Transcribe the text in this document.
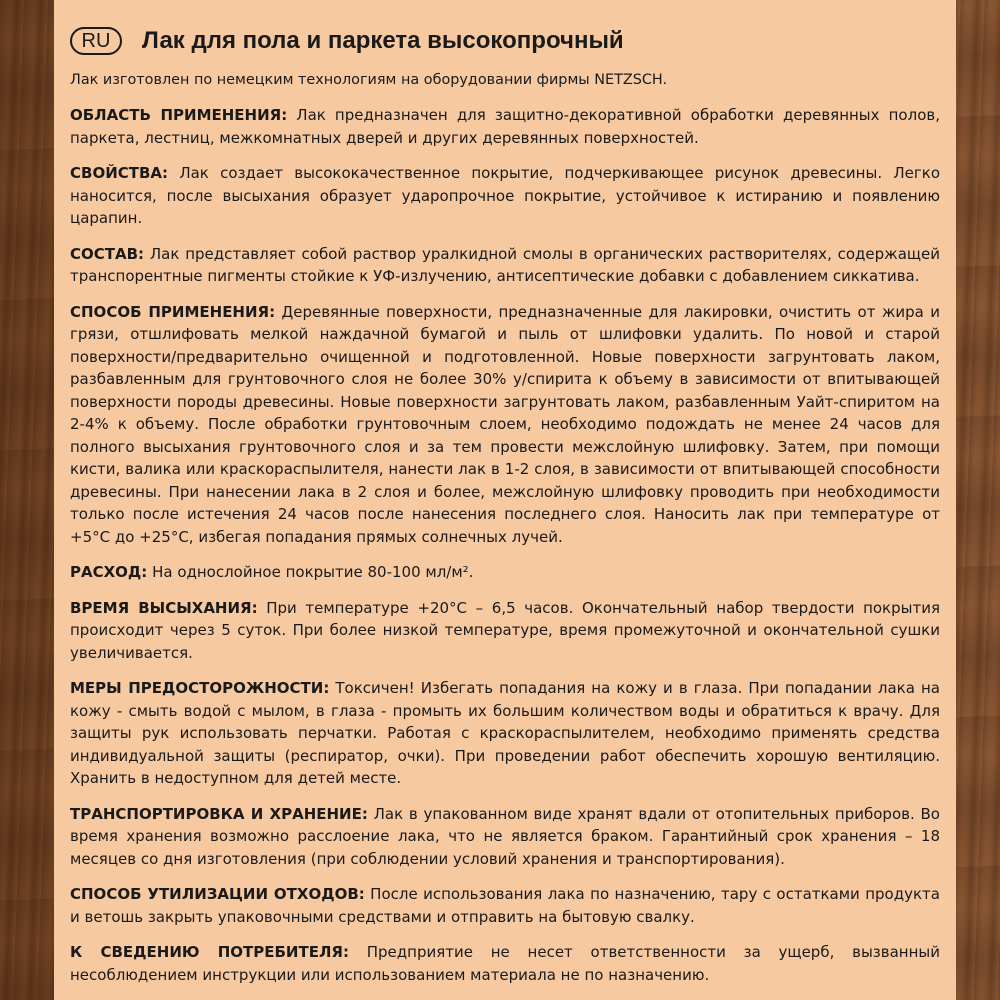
RU	Лак для пола и паркета высокопрочный

Лак изготовлен по немецким технологиям на оборудовании фирмы NETZSCH.

ОБЛАСТЬ ПРИМЕНЕНИЯ: Лак предназначен для защитно-декоративной обработки деревянных полов, паркета, лестниц, межкомнатных дверей и других деревянных поверхностей.

СВОЙСТВА: Лак создает высококачественное покрытие, подчеркивающее рисунок древесины. Легко наносится, после высыхания образует ударопрочное покрытие, устойчивое к истиранию и появлению царапин.

СОСТАВ: Лак представляет собой раствор уралкидной смолы в органических растворителях, содержащей транспорентные пигменты стойкие к УФ-излучению, антисептические добавки с добавлением сиккатива.

СПОСОБ ПРИМЕНЕНИЯ: Деревянные поверхности, предназначенные для лакировки, очистить от жира и грязи, отшлифовать мелкой наждачной бумагой и пыль от шлифовки удалить. По новой и старой поверхности/предварительно очищенной и подготовленной. Новые поверхности загрунтовать лаком, разбавленным для грунтовочного слоя не более 30% у/спирита к объему в зависимости от впитывающей поверхности породы древесины. Новые поверхности загрунтовать лаком, разбавленным Уайт-спиритом на 2-4% к объему. После обработки грунтовочным слоем, необходимо подождать не менее 24 часов для полного высыхания грунтовочного слоя и за тем провести межслойную шлифовку. Затем, при помощи кисти, валика или краскораспылителя, нанести лак в 1-2 слоя, в зависимости от впитывающей способности древесины. При нанесении лака в 2 слоя и более, межслойную шлифовку проводить при необходимости только после истечения 24 часов после нанесения последнего слоя. Наносить лак при температуре от +5°С до +25°С, избегая попадания прямых солнечных лучей.

РАСХОД: На однослойное покрытие 80-100 мл/м².

ВРЕМЯ ВЫСЫХАНИЯ: При температуре +20°С – 6,5 часов. Окончательный набор твердости покрытия происходит через 5 суток. При более низкой температуре, время промежуточной и окончательной сушки увеличивается.

МЕРЫ ПРЕДОСТОРОЖНОСТИ: Токсичен! Избегать попадания на кожу и в глаза. При попадании лака на кожу - смыть водой с мылом, в глаза - промыть их большим количеством воды и обратиться к врачу. Для защиты рук использовать перчатки. Работая с краскораспылителем, необходимо применять средства индивидуальной защиты (респиратор, очки). При проведении работ обеспечить хорошую вентиляцию. Хранить в недоступном для детей месте.

ТРАНСПОРТИРОВКА И ХРАНЕНИЕ: Лак в упакованном виде хранят вдали от отопительных приборов. Во время хранения возможно расслоение лака, что не является браком. Гарантийный срок хранения – 18 месяцев со дня изготовления (при соблюдении условий хранения и транспортирования).

СПОСОБ УТИЛИЗАЦИИ ОТХОДОВ: После использования лака по назначению, тару с остатками продукта и ветошь закрыть упаковочными средствами и отправить на бытовую свалку.

К СВЕДЕНИЮ ПОТРЕБИТЕЛЯ: Предприятие не несет ответственности за ущерб, вызванный несоблюдением инструкции или использованием материала не по назначению.
